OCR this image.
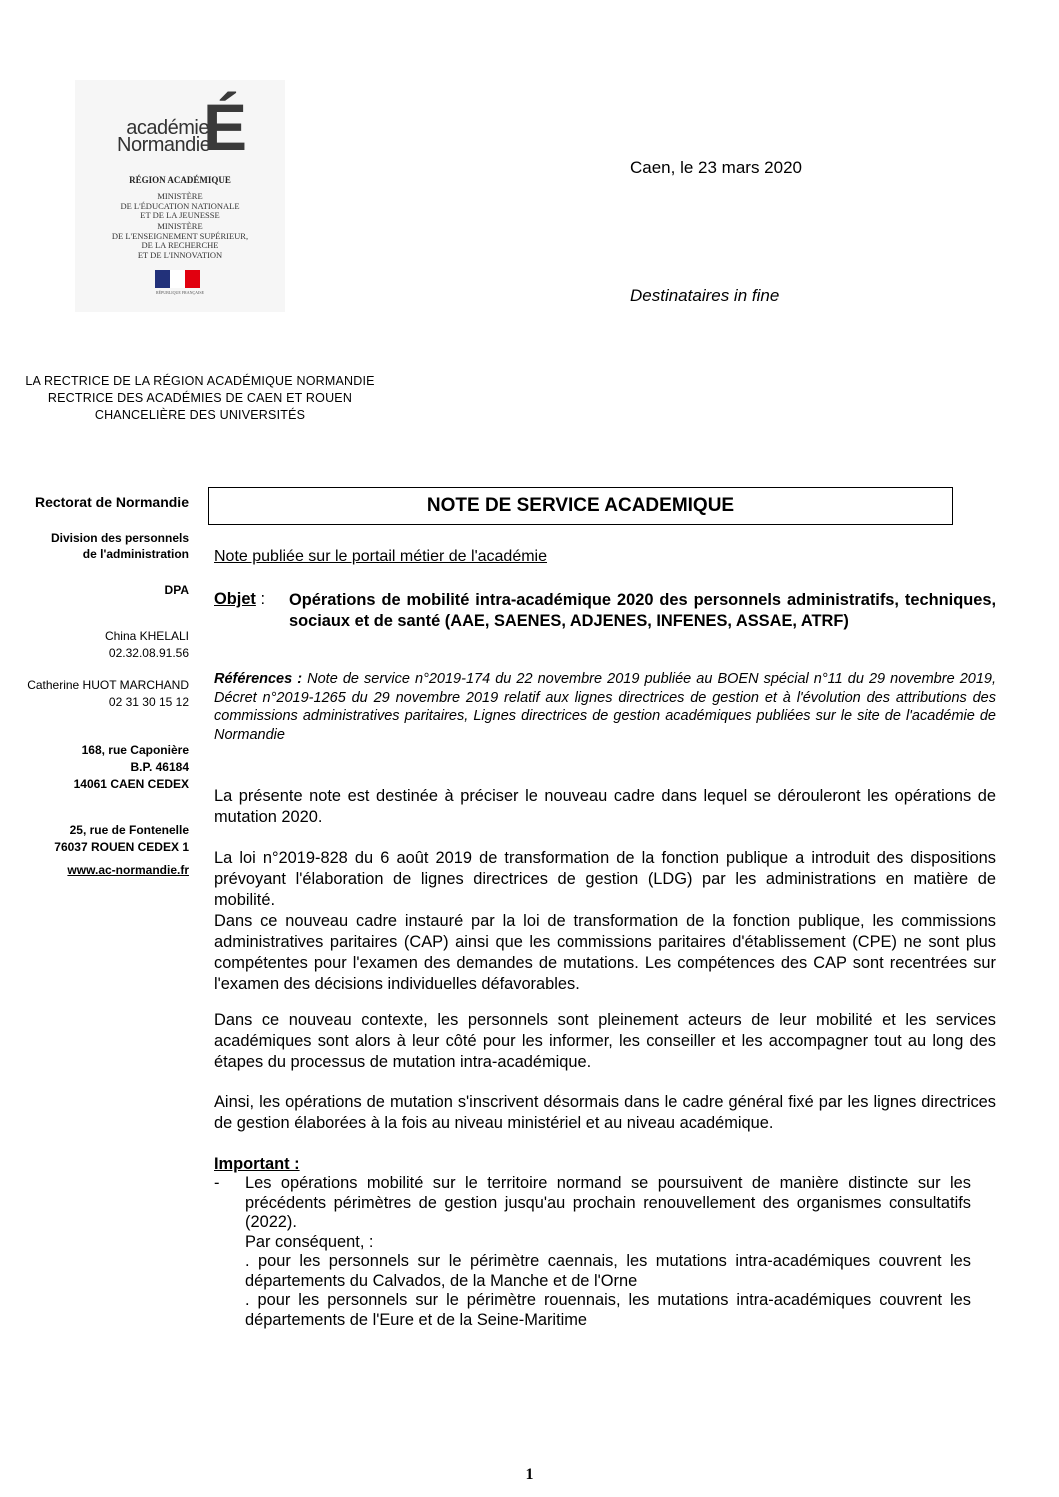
académie
Normandie
É
RÉGION ACADÉMIQUE
MINISTÈRE
DE L'ÉDUCATION NATIONALE
ET DE LA JEUNESSE
MINISTÈRE
DE L'ENSEIGNEMENT SUPÉRIEUR,
DE LA RECHERCHE
ET DE L'INNOVATION
RÉPUBLIQUE FRANÇAISE
Caen, le 23 mars 2020
Destinataires in fine
LA RECTRICE DE LA RÉGION ACADÉMIQUE NORMANDIE
RECTRICE DES ACADÉMIES DE CAEN ET ROUEN
CHANCELIÈRE DES UNIVERSITÉS
Rectorat de Normandie
Division des personnels
de l'administration
DPA
China KHELALI
02.32.08.91.56
Catherine HUOT MARCHAND
02 31 30 15 12
168, rue Caponière
B.P. 46184
14061 CAEN CEDEX
25, rue de Fontenelle
76037 ROUEN CEDEX 1
www.ac-normandie.fr
NOTE DE SERVICE ACADEMIQUE
Note publiée sur le portail métier de l'académie
Objet : Opérations de mobilité intra-académique 2020 des personnels administratifs, techniques, sociaux et de santé (AAE, SAENES, ADJENES, INFENES, ASSAE, ATRF)
Références : Note de service n°2019-174 du 22 novembre 2019 publiée au BOEN spécial n°11 du 29 novembre 2019, Décret n°2019-1265 du 29 novembre 2019 relatif aux lignes directrices de gestion et à l'évolution des attributions des commissions administratives paritaires, Lignes directrices de gestion académiques publiées sur le site de l'académie de Normandie

La présente note est destinée à préciser le nouveau cadre dans lequel se dérouleront les opérations de mutation 2020.

La loi n°2019-828 du 6 août 2019 de transformation de la fonction publique a introduit des dispositions prévoyant l'élaboration de lignes directrices de gestion (LDG) par les administrations en matière de mobilité.

Dans ce nouveau cadre instauré par la loi de transformation de la fonction publique, les commissions administratives paritaires (CAP) ainsi que les commissions paritaires d'établissement (CPE) ne sont plus compétentes pour l'examen des demandes de mutations. Les compétences des CAP sont recentrées sur l'examen des décisions individuelles défavorables.

Dans ce nouveau contexte, les personnels sont pleinement acteurs de leur mobilité et les services académiques sont alors à leur côté pour les informer, les conseiller et les accompagner tout au long des étapes du processus de mutation intra-académique.

Ainsi, les opérations de mutation s'inscrivent désormais dans le cadre général fixé par les lignes directrices de gestion élaborées à la fois au niveau ministériel et au niveau académique.

Important :
- Les opérations mobilité sur le territoire normand se poursuivent de manière distincte sur les précédents périmètres de gestion jusqu'au prochain renouvellement des organismes consultatifs (2022).

Par conséquent, :

. pour les personnels sur le périmètre caennais, les mutations intra-académiques couvrent les départements du Calvados, de la Manche et de l'Orne

. pour les personnels sur le périmètre rouennais, les mutations intra-académiques couvrent les départements de l'Eure et de la Seine-Maritime

1
